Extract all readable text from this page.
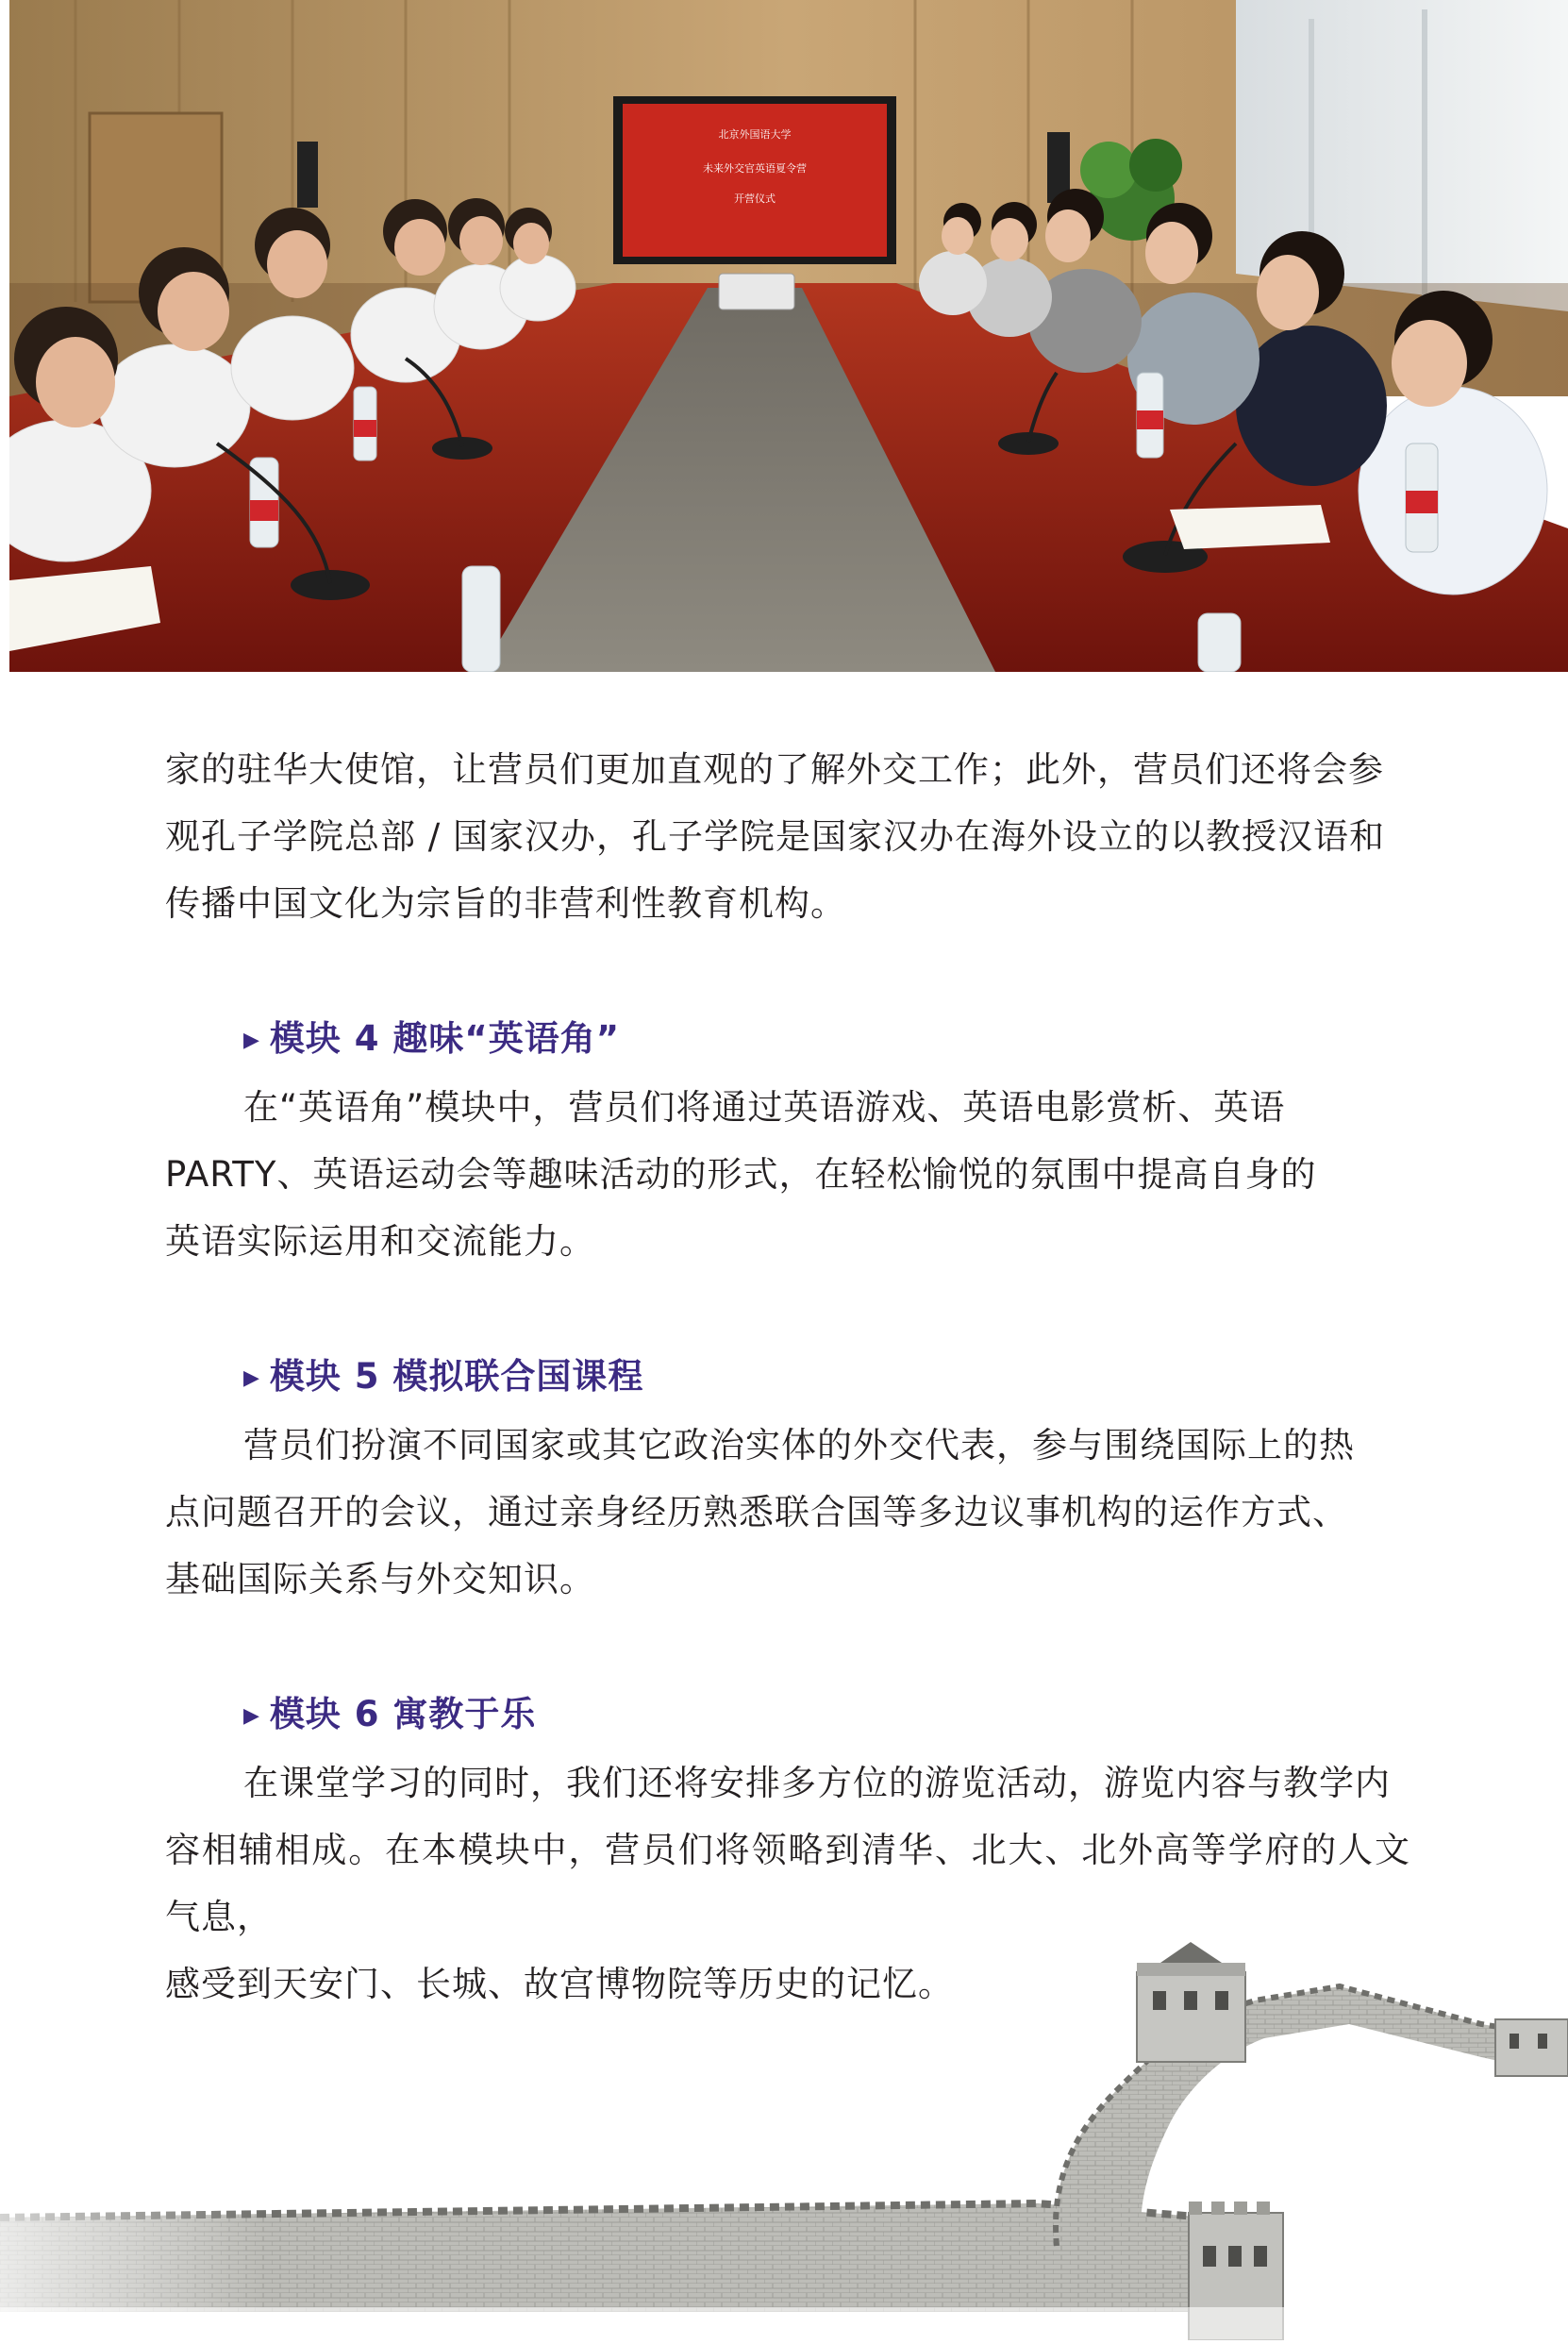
北京外国语大学
未来外交官英语夏令营
开营仪式

家的驻华大使馆，让营员们更加直观的了解外交工作；此外，营员们还将会参
观孔子学院总部 / 国家汉办，孔子学院是国家汉办在海外设立的以教授汉语和
传播中国文化为宗旨的非营利性教育机构。

▶ 模块 4 趣味“英语角”

在“英语角”模块中，营员们将通过英语游戏、英语电影赏析、英语
PARTY、英语运动会等趣味活动的形式，在轻松愉悦的氛围中提高自身的
英语实际运用和交流能力。

▶ 模块 5 模拟联合国课程

营员们扮演不同国家或其它政治实体的外交代表，参与围绕国际上的热
点问题召开的会议，通过亲身经历熟悉联合国等多边议事机构的运作方式、
基础国际关系与外交知识。

▶ 模块 6 寓教于乐

在课堂学习的同时，我们还将安排多方位的游览活动，游览内容与教学内
容相辅相成。在本模块中，营员们将领略到清华、北大、北外高等学府的人文气息，
感受到天安门、长城、故宫博物院等历史的记忆。
